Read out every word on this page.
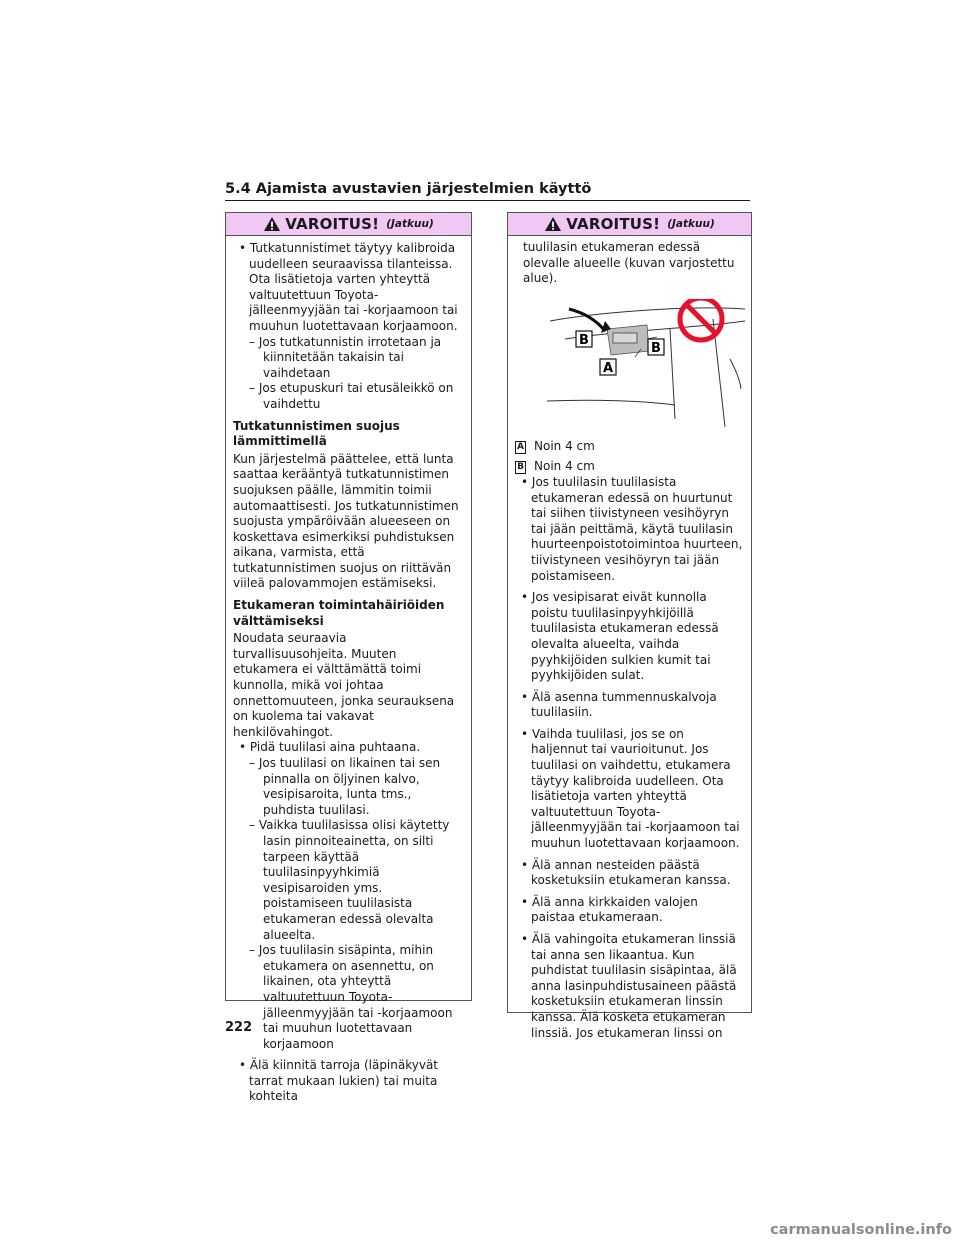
5.4 Ajamista avustavien järjestelmien käyttö
VAROITUS! (Jatkuu)

• Tutkatunnistimet täytyy kalibroida uudelleen seuraavissa tilanteissa. Ota lisätietoja varten yhteyttä valtuutettuun Toyota-jälleenmyyjään tai -korjaamoon tai muuhun luotettavaan korjaamoon.

– Jos tutkatunnistin irrotetaan ja kiinnitetään takaisin tai vaihdetaan

– Jos etupuskuri tai etusäleikkö on vaihdettu

Tutkatunnistimen suojus lämmittimellä

Kun järjestelmä päättelee, että lunta saattaa kerääntyä tutkatunnistimen suojuksen päälle, lämmitin toimii automaattisesti. Jos tutkatunnistimen suojusta ympäröivään alueeseen on koskettava esimerkiksi puhdistuksen aikana, varmista, että tutkatunnistimen suojus on riittävän viileä palovammojen estämiseksi.

Etukameran toimintahäiriöiden välttämiseksi

Noudata seuraavia turvallisuusohjeita. Muuten etukamera ei välttämättä toimi kunnolla, mikä voi johtaa onnettomuuteen, jonka seurauksena on kuolema tai vakavat henkilövahingot.

• Pidä tuulilasi aina puhtaana.

– Jos tuulilasi on likainen tai sen pinnalla on öljyinen kalvo, vesipisaroita, lunta tms., puhdista tuulilasi.

– Vaikka tuulilasissa olisi käytetty lasin pinnoiteainetta, on silti tarpeen käyttää tuulilasinpyyhkimiä vesipisaroiden yms. poistamiseen tuulilasista etukameran edessä olevalta alueelta.

– Jos tuulilasin sisäpinta, mihin etukamera on asennettu, on likainen, ota yhteyttä valtuutettuun Toyota-jälleenmyyjään tai -korjaamoon tai muuhun luotettavaan korjaamoon

• Älä kiinnitä tarroja (läpinäkyvät tarrat mukaan lukien) tai muita kohteita

VAROITUS! (Jatkuu)

tuulilasin etukameran edessä olevalle alueelle (kuvan varjostettu alue).

B
B
A
A Noin 4 cm
B Noin 4 cm

• Jos tuulilasin tuulilasista etukameran edessä on huurtunut tai siihen tiivistyneen vesihöyryn tai jään peittämä, käytä tuulilasin huurteenpoistotoimintoa huurteen, tiivistyneen vesihöyryn tai jään poistamiseen.

• Jos vesipisarat eivät kunnolla poistu tuulilasinpyyhkijöillä tuulilasista etukameran edessä olevalta alueelta, vaihda pyyhkijöiden sulkien kumit tai pyyhkijöiden sulat.

• Älä asenna tummennuskalvoja tuulilasiin.

• Vaihda tuulilasi, jos se on haljennut tai vaurioitunut. Jos tuulilasi on vaihdettu, etukamera täytyy kalibroida uudelleen. Ota lisätietoja varten yhteyttä valtuutettuun Toyota-jälleenmyyjään tai -korjaamoon tai muuhun luotettavaan korjaamoon.

• Älä annan nesteiden päästä kosketuksiin etukameran kanssa.

• Älä anna kirkkaiden valojen paistaa etukameraan.

• Älä vahingoita etukameran linssiä tai anna sen likaantua. Kun puhdistat tuulilasin sisäpintaa, älä anna lasinpuhdistusaineen päästä kosketuksiin etukameran linssin kanssa. Älä kosketa etukameran linssiä. Jos etukameran linssi on

222
carmanualsonline.info
